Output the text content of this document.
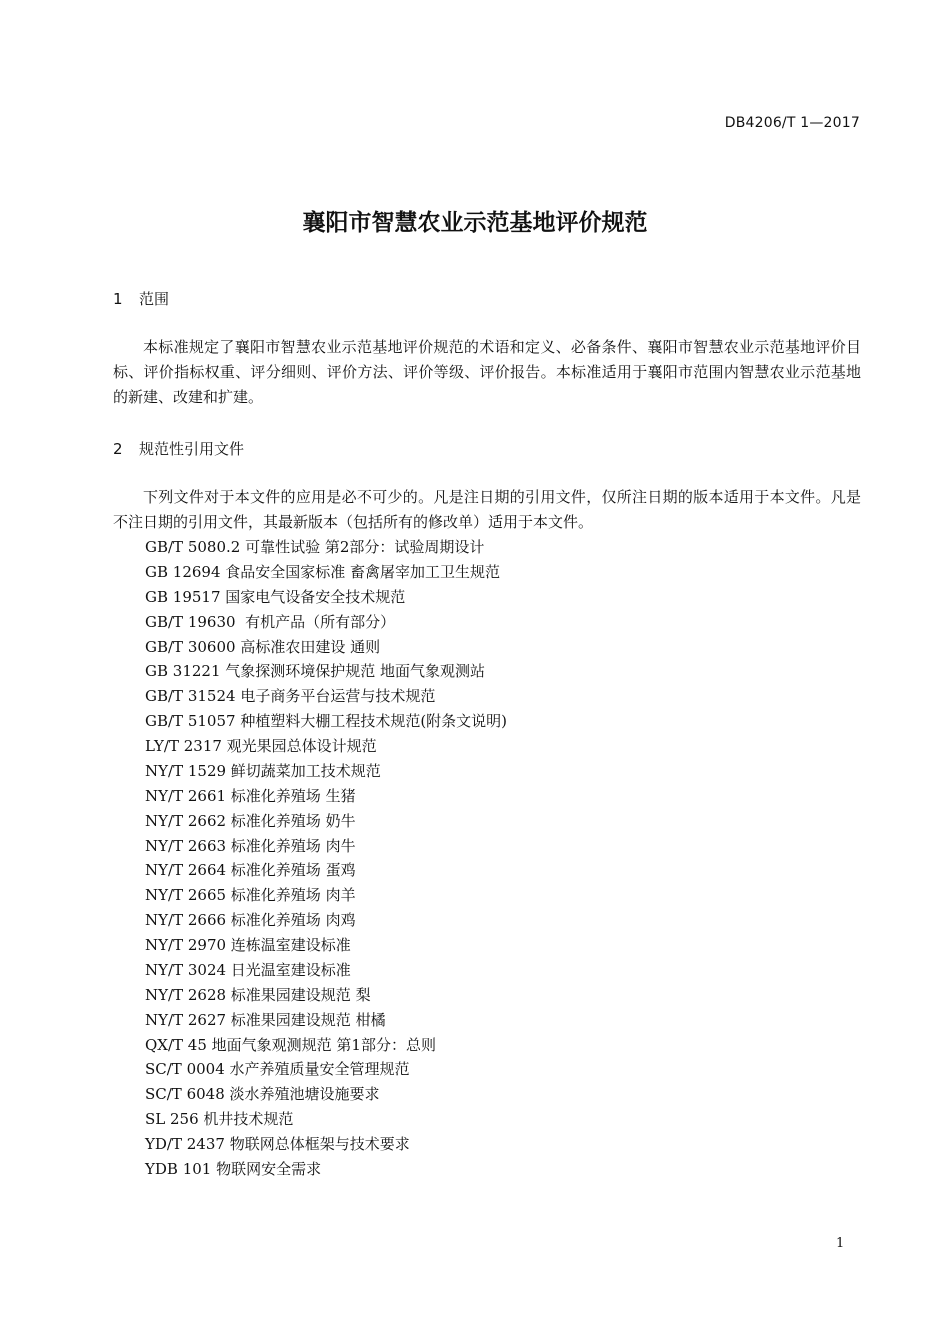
DB4206/T 1—2017
襄阳市智慧农业示范基地评价规范
1 范围
本标准规定了襄阳市智慧农业示范基地评价规范的术语和定义、必备条件、襄阳市智慧农业示范基地评价目标、评价指标权重、评分细则、评价方法、评价等级、评价报告。本标准适用于襄阳市范围内智慧农业示范基地的新建、改建和扩建。
2 规范性引用文件
下列文件对于本文件的应用是必不可少的。凡是注日期的引用文件，仅所注日期的版本适用于本文件。凡是不注日期的引用文件，其最新版本（包括所有的修改单）适用于本文件。
GB/T 5080.2 可靠性试验 第2部分：试验周期设计
GB 12694 食品安全国家标准 畜禽屠宰加工卫生规范
GB 19517 国家电气设备安全技术规范
GB/T 19630  有机产品（所有部分）
GB/T 30600 高标准农田建设 通则
GB 31221 气象探测环境保护规范 地面气象观测站
GB/T 31524 电子商务平台运营与技术规范
GB/T 51057 种植塑料大棚工程技术规范(附条文说明)
LY/T 2317 观光果园总体设计规范
NY/T 1529 鲜切蔬菜加工技术规范
NY/T 2661 标准化养殖场 生猪
NY/T 2662 标准化养殖场 奶牛
NY/T 2663 标准化养殖场 肉牛
NY/T 2664 标准化养殖场 蛋鸡
NY/T 2665 标准化养殖场 肉羊
NY/T 2666 标准化养殖场 肉鸡
NY/T 2970 连栋温室建设标准
NY/T 3024 日光温室建设标准
NY/T 2628 标准果园建设规范 梨
NY/T 2627 标准果园建设规范 柑橘
QX/T 45 地面气象观测规范 第1部分：总则
SC/T 0004 水产养殖质量安全管理规范
SC/T 6048 淡水养殖池塘设施要求
SL 256 机井技术规范
YD/T 2437 物联网总体框架与技术要求
YDB 101 物联网安全需求
1
